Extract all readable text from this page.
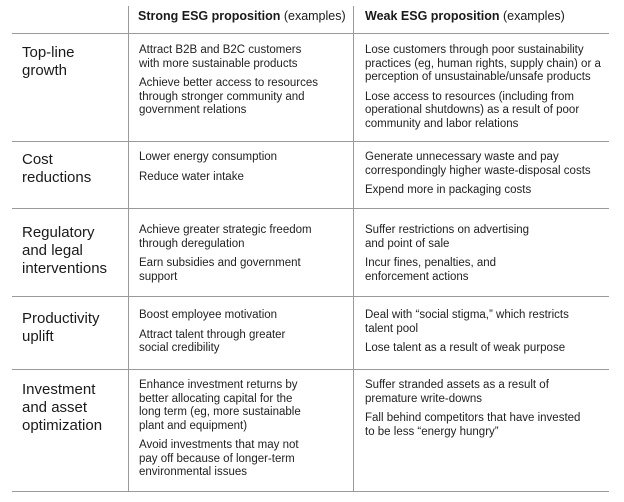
Strong ESG proposition (examples) Weak ESG proposition (examples)
Top-line
growth
Attract B2B and B2C customers
with more sustainable products
Achieve better access to resources
through stronger community and
government relations
Lose customers through poor sustainability
practices (eg, human rights, supply chain) or a
perception of unsustainable/unsafe products
Lose access to resources (including from
operational shutdowns) as a result of poor
community and labor relations
Cost
reductions
Lower energy consumption
Reduce water intake
Generate unnecessary waste and pay
correspondingly higher waste-disposal costs
Expend more in packaging costs
Regulatory
and legal
interventions
Achieve greater strategic freedom
through deregulation
Earn subsidies and government
support
Suffer restrictions on advertising
and point of sale
Incur fines, penalties, and
enforcement actions
Productivity
uplift
Boost employee motivation
Attract talent through greater
social credibility
Deal with “social stigma,” which restricts
talent pool
Lose talent as a result of weak purpose
Investment
and asset
optimization
Enhance investment returns by
better allocating capital for the
long term (eg, more sustainable
plant and equipment)
Avoid investments that may not
pay off because of longer-term
environmental issues
Suffer stranded assets as a result of
premature write-downs
Fall behind competitors that have invested
to be less “energy hungry”
